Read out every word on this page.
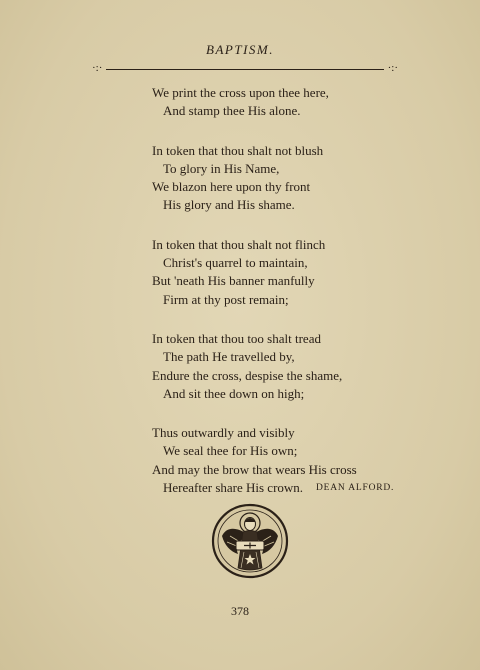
BAPTISM.
·:·	·:·
We print the cross upon thee here,
And stamp thee His alone.
In token that thou shalt not blush
To glory in His Name,
We blazon here upon thy front
His glory and His shame.
In token that thou shalt not flinch
Christ's quarrel to maintain,
But 'neath His banner manfully
Firm at thy post remain;
In token that thou too shalt tread
The path He travelled by,
Endure the cross, despise the shame,
And sit thee down on high;
Thus outwardly and visibly
We seal thee for His own;
And may the brow that wears His cross
Hereafter share His crown.	DEAN ALFORD.
378
